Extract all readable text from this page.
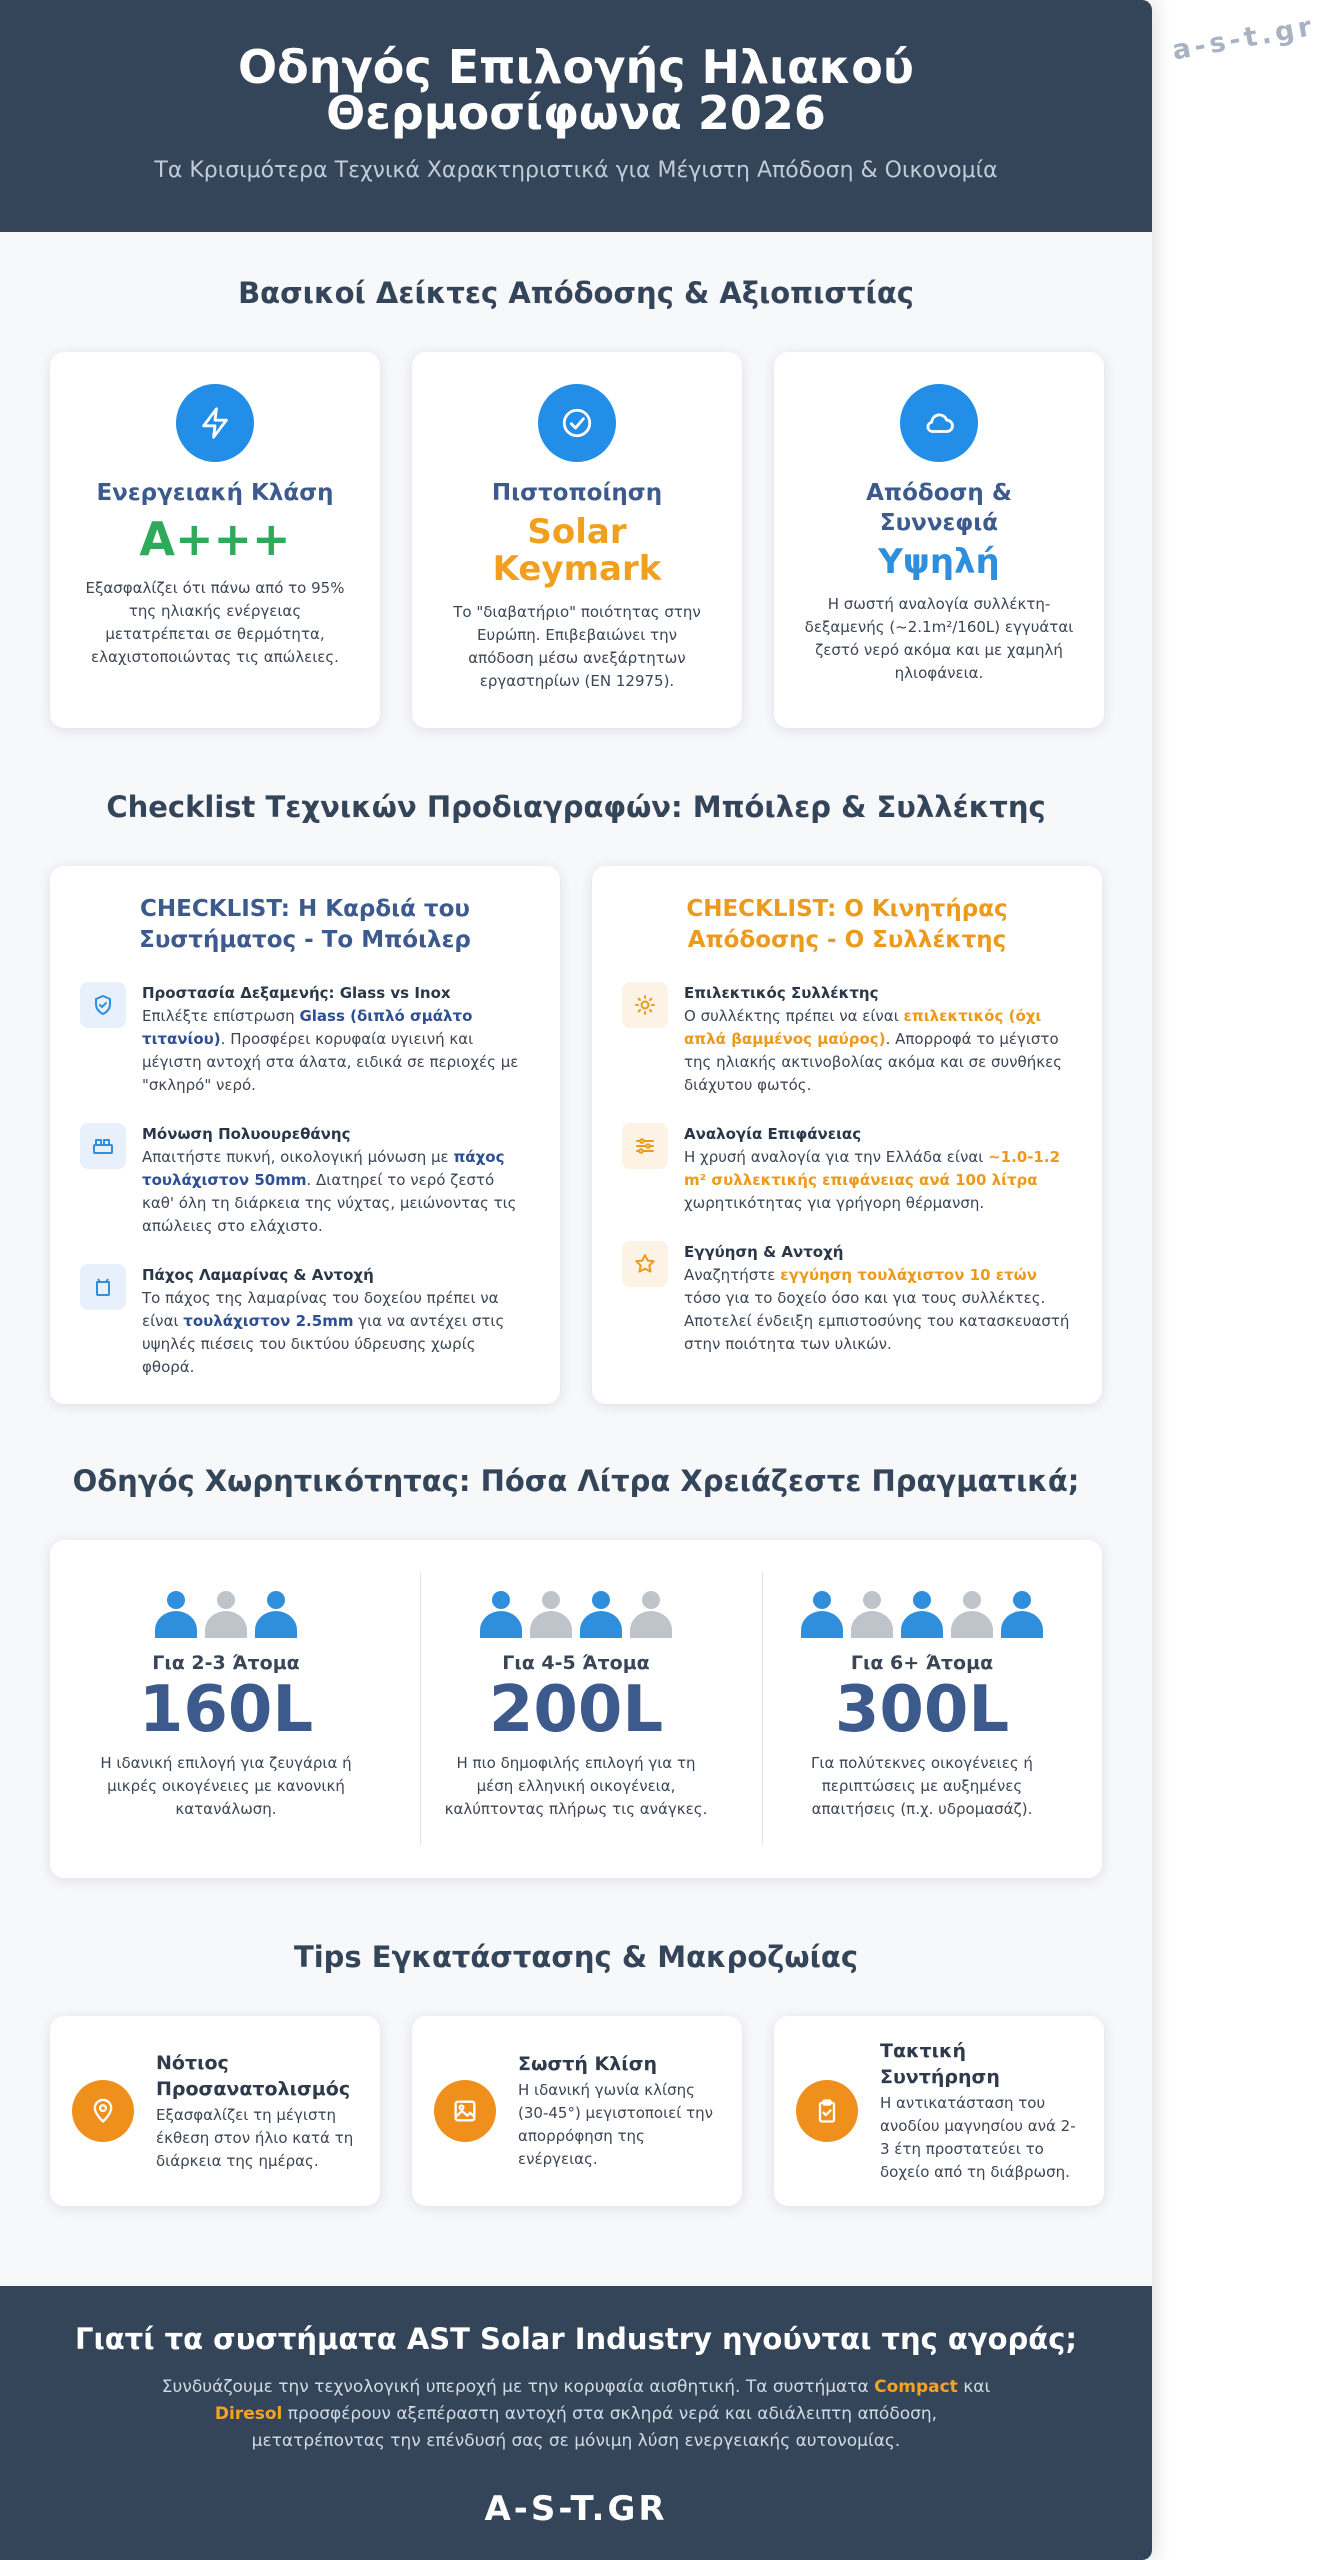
a-s-t.gr
Οδηγός Επιλογής Ηλιακού Θερμοσίφωνα 2026

Τα Κρισιμότερα Τεχνικά Χαρακτηριστικά για Μέγιστη Απόδοση & Οικονομία

Βασικοί Δείκτες Απόδοσης & Αξιοπιστίας
Ενεργειακή Κλάση
A+++
Εξασφαλίζει ότι πάνω από το 95% της ηλιακής ενέργειας μετατρέπεται σε θερμότητα, ελαχιστοποιώντας τις απώλειες.
Πιστοποίηση
Solar Keymark
Το "διαβατήριο" ποιότητας στην Ευρώπη. Επιβεβαιώνει την απόδοση μέσω ανεξάρτητων εργαστηρίων (EN 12975).
Απόδοση & Συννεφιά
Υψηλή
Η σωστή αναλογία συλλέκτη-δεξαμενής (~2.1m²/160L) εγγυάται ζεστό νερό ακόμα και με χαμηλή ηλιοφάνεια.
Checklist Τεχνικών Προδιαγραφών: Μπόιλερ & Συλλέκτης
CHECKLIST: Η Καρδιά του Συστήματος - Το Μπόιλερ
Προστασία Δεξαμενής: Glass vs Inox
Επιλέξτε επίστρωση Glass (διπλό σμάλτο τιτανίου). Προσφέρει κορυφαία υγιεινή και μέγιστη αντοχή στα άλατα, ειδικά σε περιοχές με "σκληρό" νερό.
Μόνωση Πολυουρεθάνης
Απαιτήστε πυκνή, οικολογική μόνωση με πάχος τουλάχιστον 50mm. Διατηρεί το νερό ζεστό καθ' όλη τη διάρκεια της νύχτας, μειώνοντας τις απώλειες στο ελάχιστο.
Πάχος Λαμαρίνας & Αντοχή
Το πάχος της λαμαρίνας του δοχείου πρέπει να είναι τουλάχιστον 2.5mm για να αντέχει στις υψηλές πιέσεις του δικτύου ύδρευσης χωρίς φθορά.
CHECKLIST: Ο Κινητήρας Απόδοσης - Ο Συλλέκτης
Επιλεκτικός Συλλέκτης
Ο συλλέκτης πρέπει να είναι επιλεκτικός (όχι απλά βαμμένος μαύρος). Απορροφά το μέγιστο της ηλιακής ακτινοβολίας ακόμα και σε συνθήκες διάχυτου φωτός.
Αναλογία Επιφάνειας
Η χρυσή αναλογία για την Ελλάδα είναι ~1.0-1.2 m² συλλεκτικής επιφάνειας ανά 100 λίτρα χωρητικότητας για γρήγορη θέρμανση.
Εγγύηση & Αντοχή
Αναζητήστε εγγύηση τουλάχιστον 10 ετών τόσο για το δοχείο όσο και για τους συλλέκτες. Αποτελεί ένδειξη εμπιστοσύνης του κατασκευαστή στην ποιότητα των υλικών.
Οδηγός Χωρητικότητας: Πόσα Λίτρα Χρειάζεστε Πραγματικά;
Για 2-3 Άτομα
160L
Η ιδανική επιλογή για ζευγάρια ή μικρές οικογένειες με κανονική κατανάλωση.
Για 4-5 Άτομα
200L
Η πιο δημοφιλής επιλογή για τη μέση ελληνική οικογένεια, καλύπτοντας πλήρως τις ανάγκες.
Για 6+ Άτομα
300L
Για πολύτεκνες οικογένειες ή περιπτώσεις με αυξημένες απαιτήσεις (π.χ. υδρομασάζ).
Tips Εγκατάστασης & Μακροζωίας
Νότιος Προσανατολισμός
Εξασφαλίζει τη μέγιστη έκθεση στον ήλιο κατά τη διάρκεια της ημέρας.
Σωστή Κλίση
Η ιδανική γωνία κλίσης (30-45°) μεγιστοποιεί την απορρόφηση της ενέργειας.
Τακτική Συντήρηση
Η αντικατάσταση του ανοδίου μαγνησίου ανά 2-3 έτη προστατεύει το δοχείο από τη διάβρωση.
Γιατί τα συστήματα AST Solar Industry ηγούνται της αγοράς;

Συνδυάζουμε την τεχνολογική υπεροχή με την κορυφαία αισθητική. Τα συστήματα Compact και Diresol προσφέρουν αξεπέραστη αντοχή στα σκληρά νερά και αδιάλειπτη απόδοση, μετατρέποντας την επένδυσή σας σε μόνιμη λύση ενεργειακής αυτονομίας.

A-S-T.GR
